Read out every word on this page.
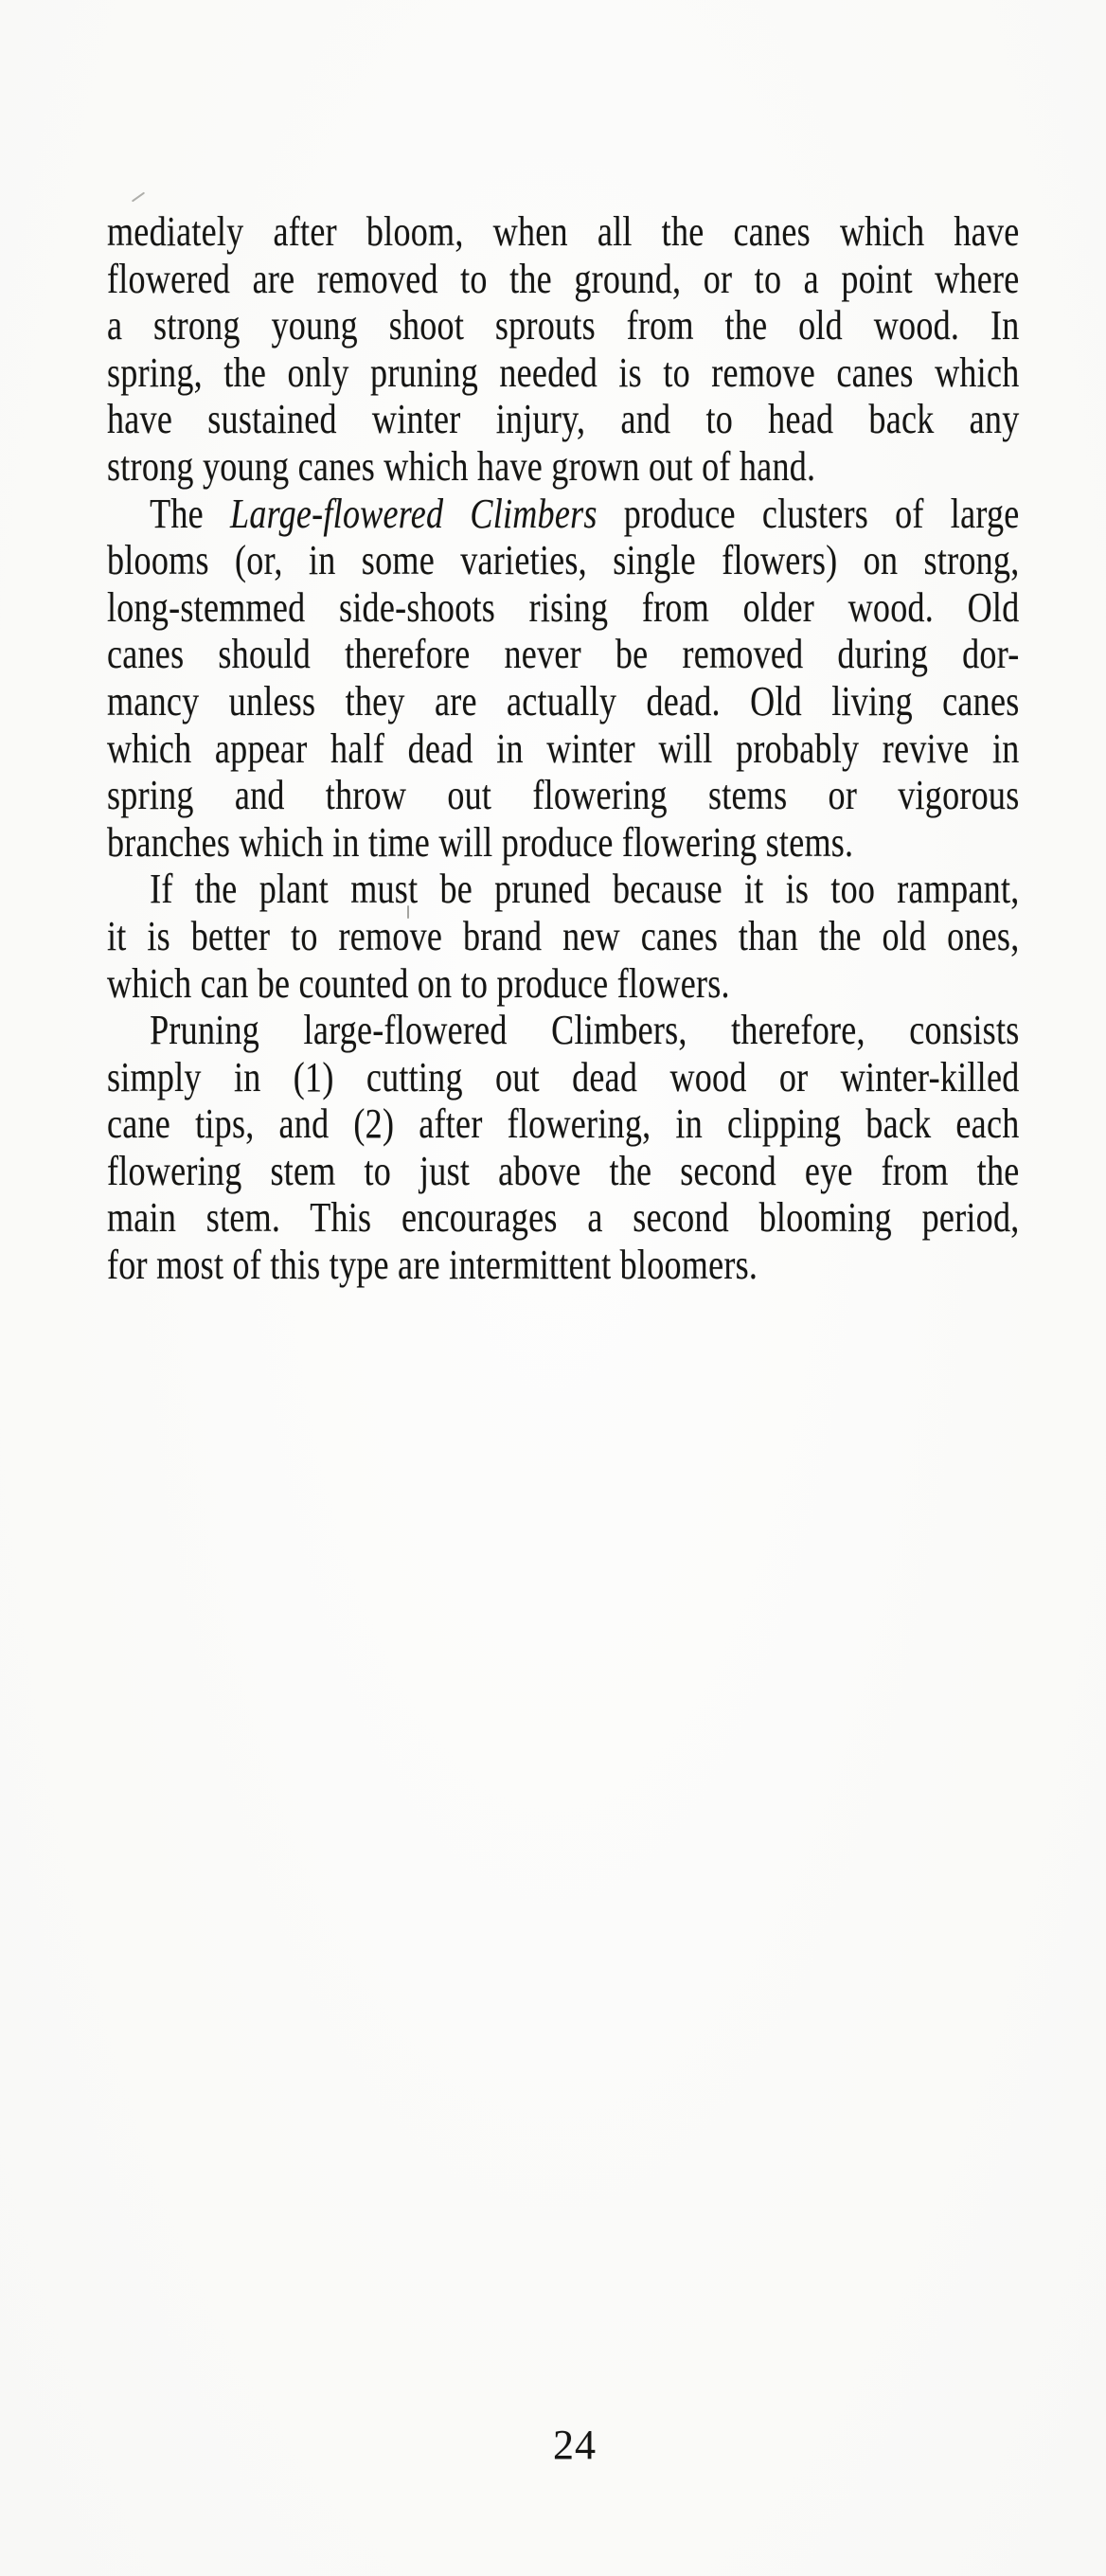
mediately after bloom, when all the canes which have
flowered are removed to the ground, or to a point where
a strong young shoot sprouts from the old wood. In
spring, the only pruning needed is to remove canes which
have sustained winter injury, and to head back any
strong young canes which have grown out of hand.
The Large-flowered Climbers produce clusters of large
blooms (or, in some varieties, single flowers) on strong,
long-stemmed side-shoots rising from older wood. Old
canes should therefore never be removed during dor-
mancy unless they are actually dead. Old living canes
which appear half dead in winter will probably revive in
spring and throw out flowering stems or vigorous
branches which in time will produce flowering stems.
If the plant must be pruned because it is too rampant,
it is better to remove brand new canes than the old ones,
which can be counted on to produce flowers.
Pruning large-flowered Climbers, therefore, consists
simply in (1) cutting out dead wood or winter-killed
cane tips, and (2) after flowering, in clipping back each
flowering stem to just above the second eye from the
main stem. This encourages a second blooming period,
for most of this type are intermittent bloomers.
24
